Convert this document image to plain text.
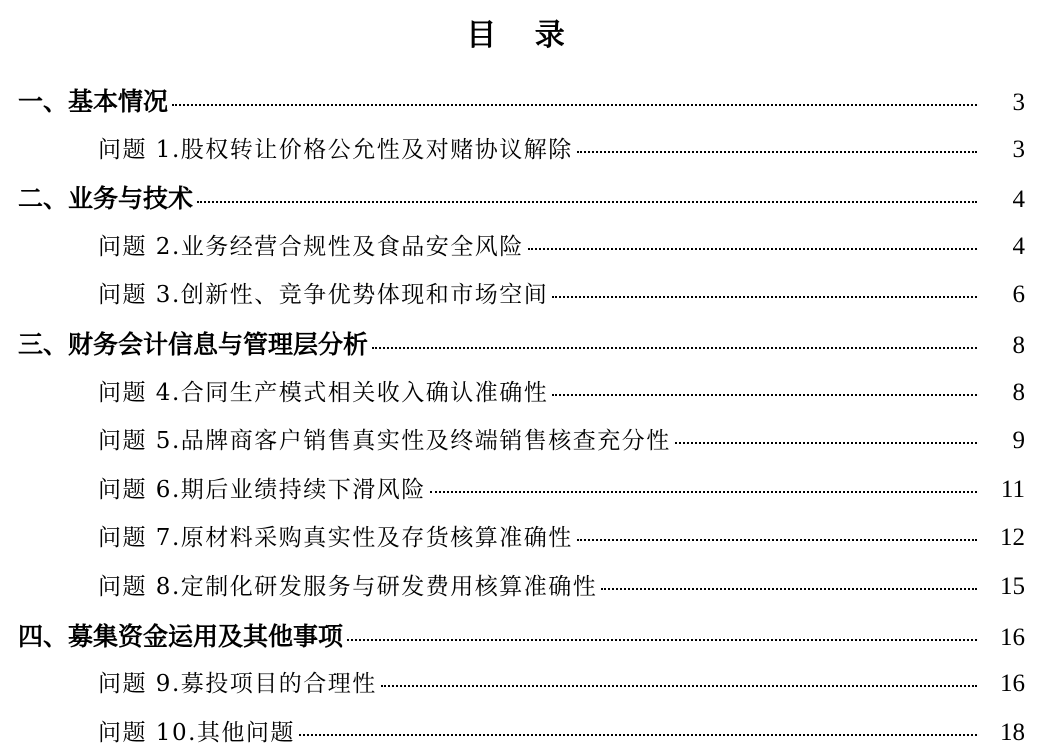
目 录
一、基本情况	3
问题 1.股权转让价格公允性及对赌协议解除	3
二、业务与技术	4
问题 2.业务经营合规性及食品安全风险	4
问题 3.创新性、竞争优势体现和市场空间	6
三、财务会计信息与管理层分析	8
问题 4.合同生产模式相关收入确认准确性	8
问题 5.品牌商客户销售真实性及终端销售核查充分性	9
问题 6.期后业绩持续下滑风险	11
问题 7.原材料采购真实性及存货核算准确性	12
问题 8.定制化研发服务与研发费用核算准确性	15
四、募集资金运用及其他事项	16
问题 9.募投项目的合理性	16
问题 10.其他问题	18
